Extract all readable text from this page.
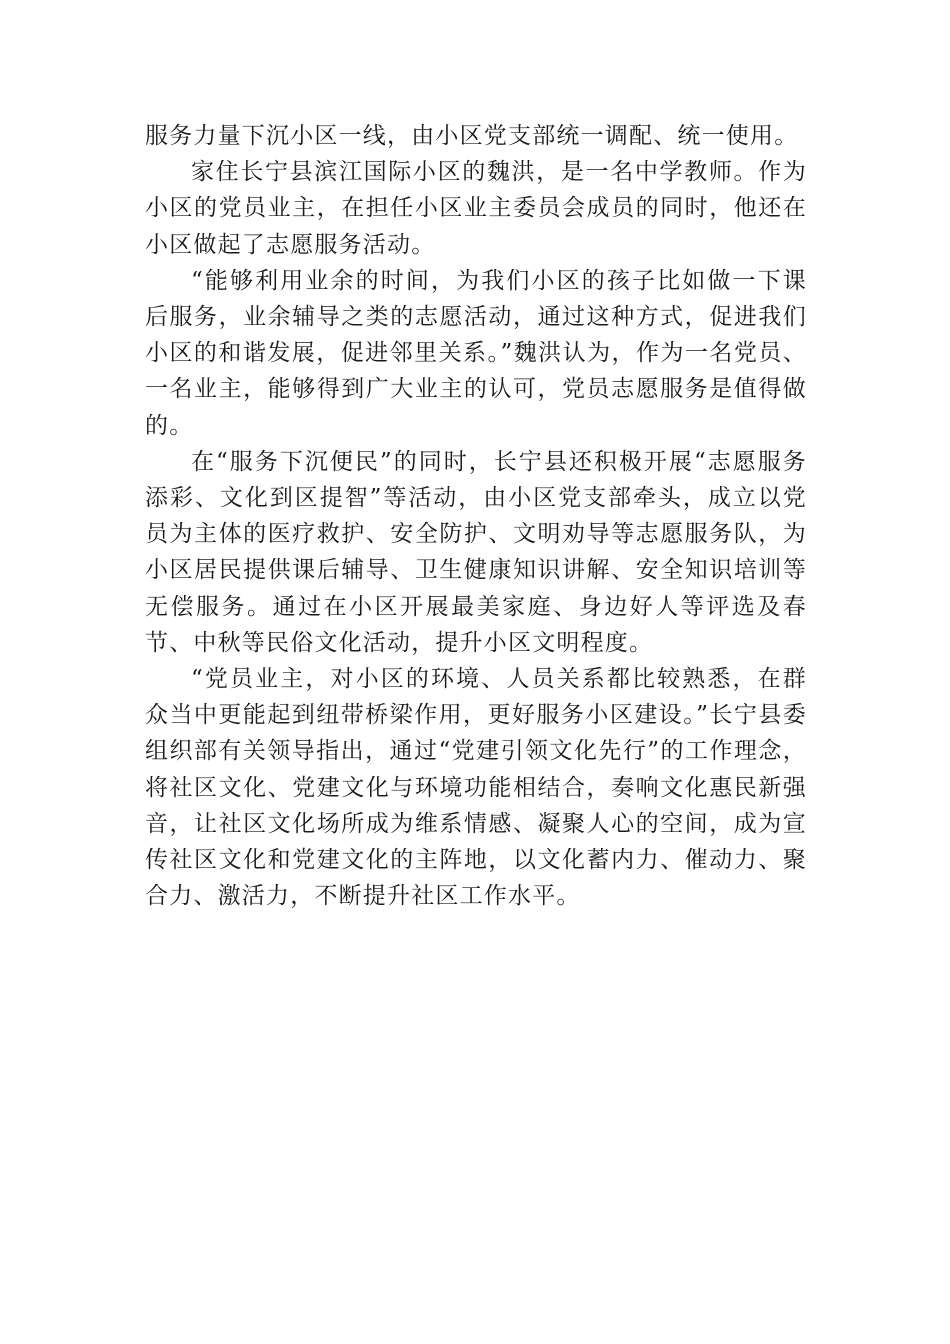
服务力量下沉小区一线，由小区党支部统一调配、统一使用。

家住长宁县滨江国际小区的魏洪，是一名中学教师。作为小区的党员业主，在担任小区业主委员会成员的同时，他还在小区做起了志愿服务活动。

“能够利用业余的时间，为我们小区的孩子比如做一下课后服务，业余辅导之类的志愿活动，通过这种方式，促进我们小区的和谐发展，促进邻里关系。”魏洪认为，作为一名党员、一名业主，能够得到广大业主的认可，党员志愿服务是值得做的。

在“服务下沉便民”的同时，长宁县还积极开展“志愿服务添彩、文化到区提智”等活动，由小区党支部牵头，成立以党员为主体的医疗救护、安全防护、文明劝导等志愿服务队，为小区居民提供课后辅导、卫生健康知识讲解、安全知识培训等无偿服务。通过在小区开展最美家庭、身边好人等评选及春节、中秋等民俗文化活动，提升小区文明程度。

“党员业主，对小区的环境、人员关系都比较熟悉，在群众当中更能起到纽带桥梁作用，更好服务小区建设。”长宁县委组织部有关领导指出，通过“党建引领文化先行”的工作理念，将社区文化、党建文化与环境功能相结合，奏响文化惠民新强音，让社区文化场所成为维系情感、凝聚人心的空间，成为宣传社区文化和党建文化的主阵地，以文化蓄内力、催动力、聚合力、激活力，不断提升社区工作水平。
